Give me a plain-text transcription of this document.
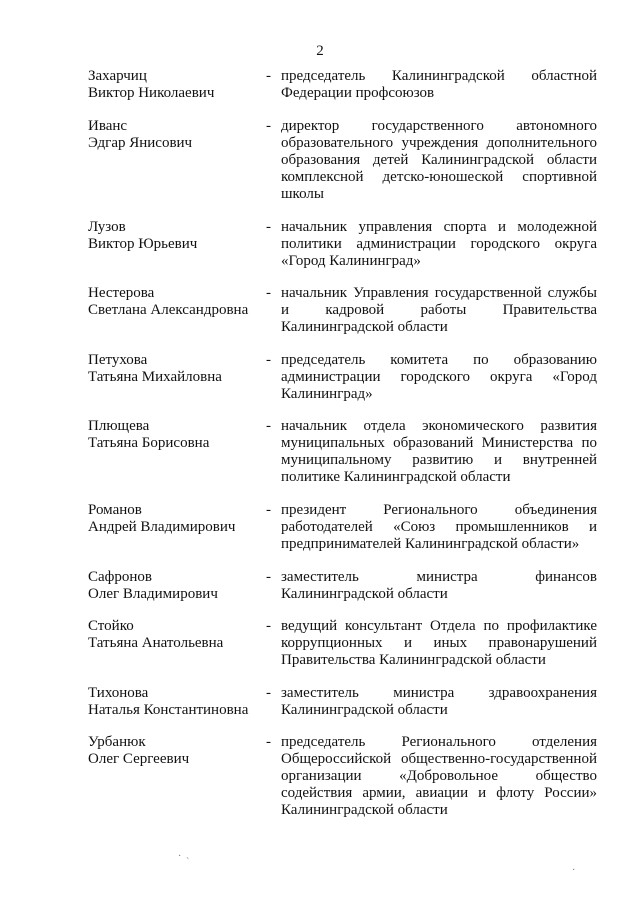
2
Захарчиц
Виктор Николаевич
- председатель Калининградской областной Федерации профсоюзов
Иванс
Эдгар Янисович
- директор государственного автономного образовательного учреждения дополнительного образования детей Калининградской области комплексной детско-юношеской спортивной школы
Лузов
Виктор Юрьевич
- начальник управления спорта и молодежной политики администрации городского округа «Город Калининград»
Нестерова
Светлана Александровна
- начальник Управления государственной службы и кадровой работы Правительства Калининградской области
Петухова
Татьяна Михайловна
- председатель комитета по образованию администрации городского округа «Город Калининград»
Плющева
Татьяна Борисовна
- начальник отдела экономического развития муниципальных образований Министерства по муниципальному развитию и внутренней политике Калининградской области
Романов
Андрей Владимирович
- президент Регионального объединения работодателей «Союз промышленников и предпринимателей Калининградской области»
Сафронов
Олег Владимирович
- заместитель министра финансов Калининградской области
Стойко
Татьяна Анатольевна
- ведущий консультант Отдела по профилактике коррупционных и иных правонарушений Правительства Калининградской области
Тихонова
Наталья Константиновна
- заместитель министра здравоохранения Калининградской области
Урбанюк
Олег Сергеевич
- председатель Регионального отделения Общероссийской общественно-государственной организации «Добровольное общество содействия армии, авиации и флоту России» Калининградской области
·
ˋ
·
